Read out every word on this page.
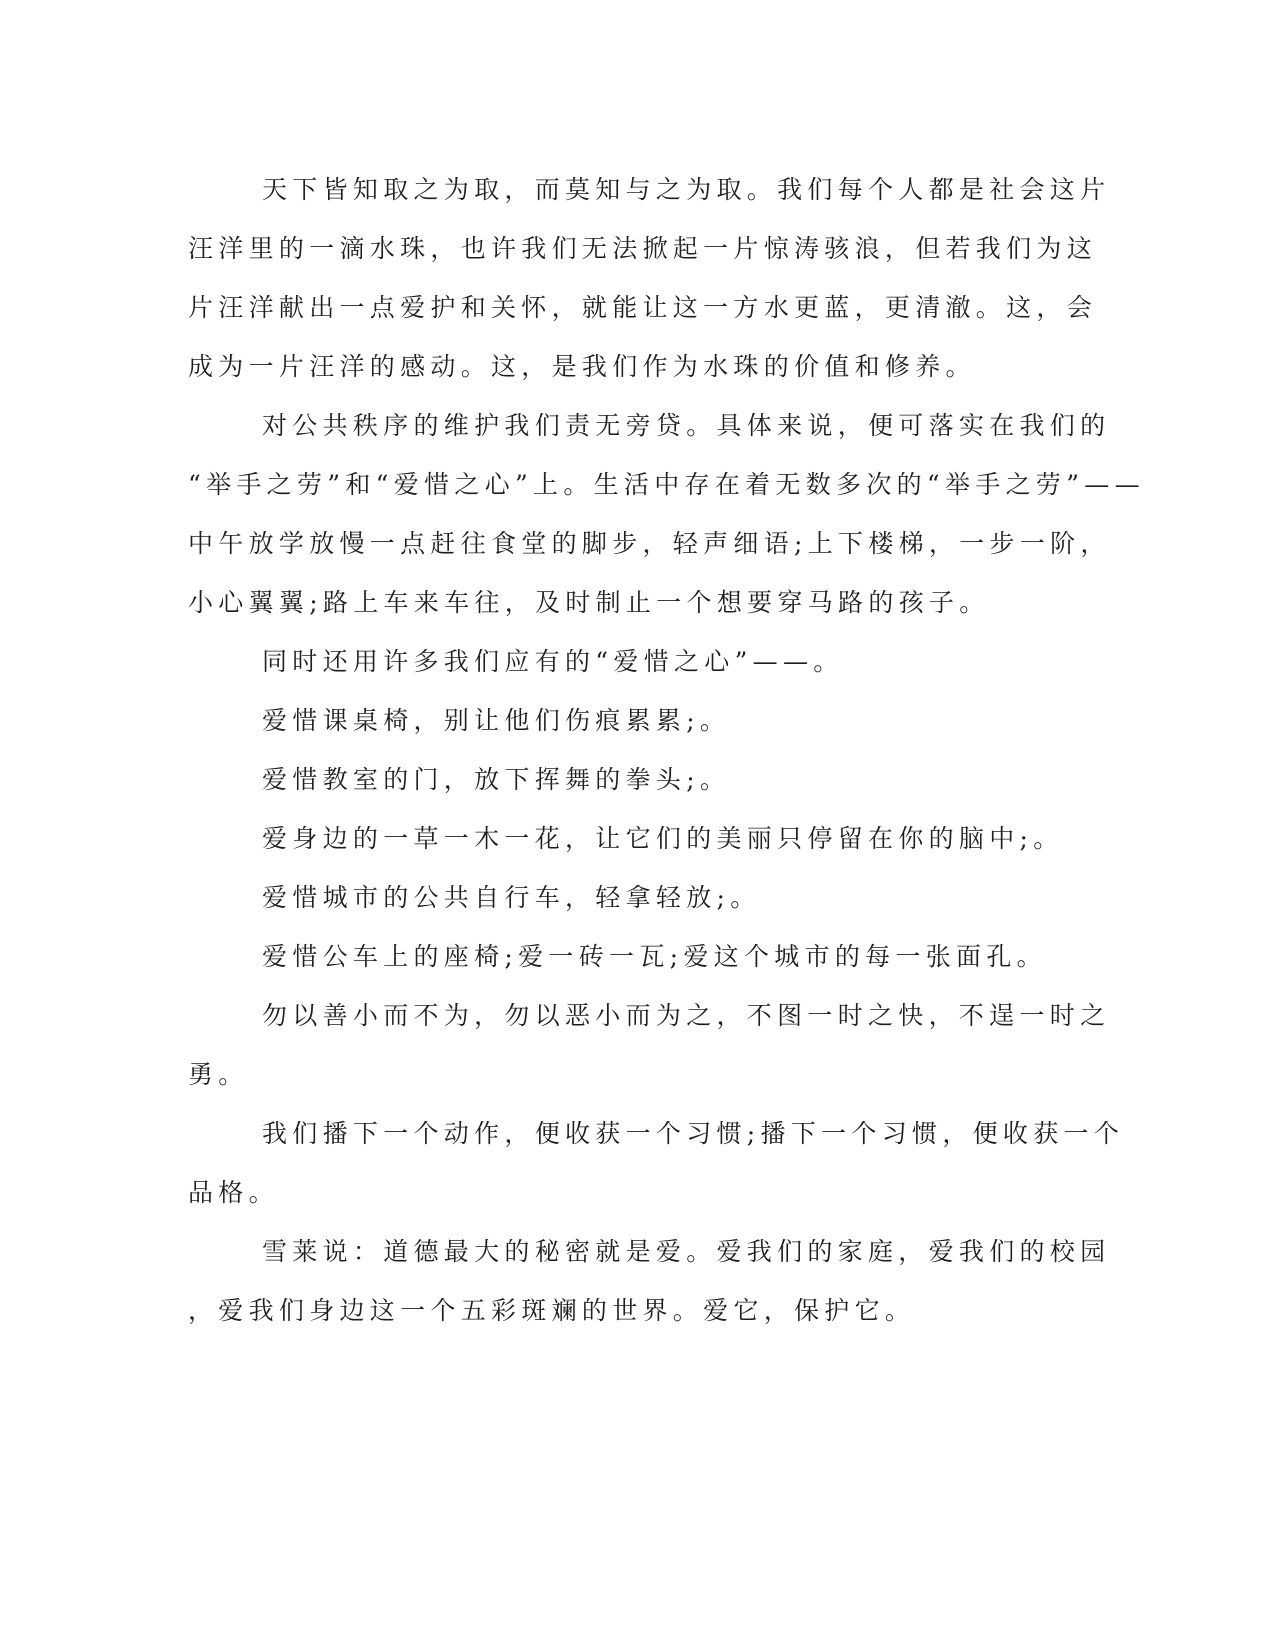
天下皆知取之为取，而莫知与之为取。我们每个人都是社会这片
汪洋里的一滴水珠，也许我们无法掀起一片惊涛骇浪，但若我们为这
片汪洋献出一点爱护和关怀，就能让这一方水更蓝，更清澈。这，会
成为一片汪洋的感动。这，是我们作为水珠的价值和修养。
对公共秩序的维护我们责无旁贷。具体来说，便可落实在我们的
“举手之劳”和“爱惜之心”上。生活中存在着无数多次的“举手之劳”——
中午放学放慢一点赶往食堂的脚步，轻声细语;上下楼梯，一步一阶，
小心翼翼;路上车来车往，及时制止一个想要穿马路的孩子。
同时还用许多我们应有的“爱惜之心”——。
爱惜课桌椅，别让他们伤痕累累;。
爱惜教室的门，放下挥舞的拳头;。
爱身边的一草一木一花，让它们的美丽只停留在你的脑中;。
爱惜城市的公共自行车，轻拿轻放;。
爱惜公车上的座椅;爱一砖一瓦;爱这个城市的每一张面孔。
勿以善小而不为，勿以恶小而为之，不图一时之快，不逞一时之
勇。
我们播下一个动作，便收获一个习惯;播下一个习惯，便收获一个
品格。
雪莱说：道德最大的秘密就是爱。爱我们的家庭，爱我们的校园
，爱我们身边这一个五彩斑斓的世界。爱它，保护它。
